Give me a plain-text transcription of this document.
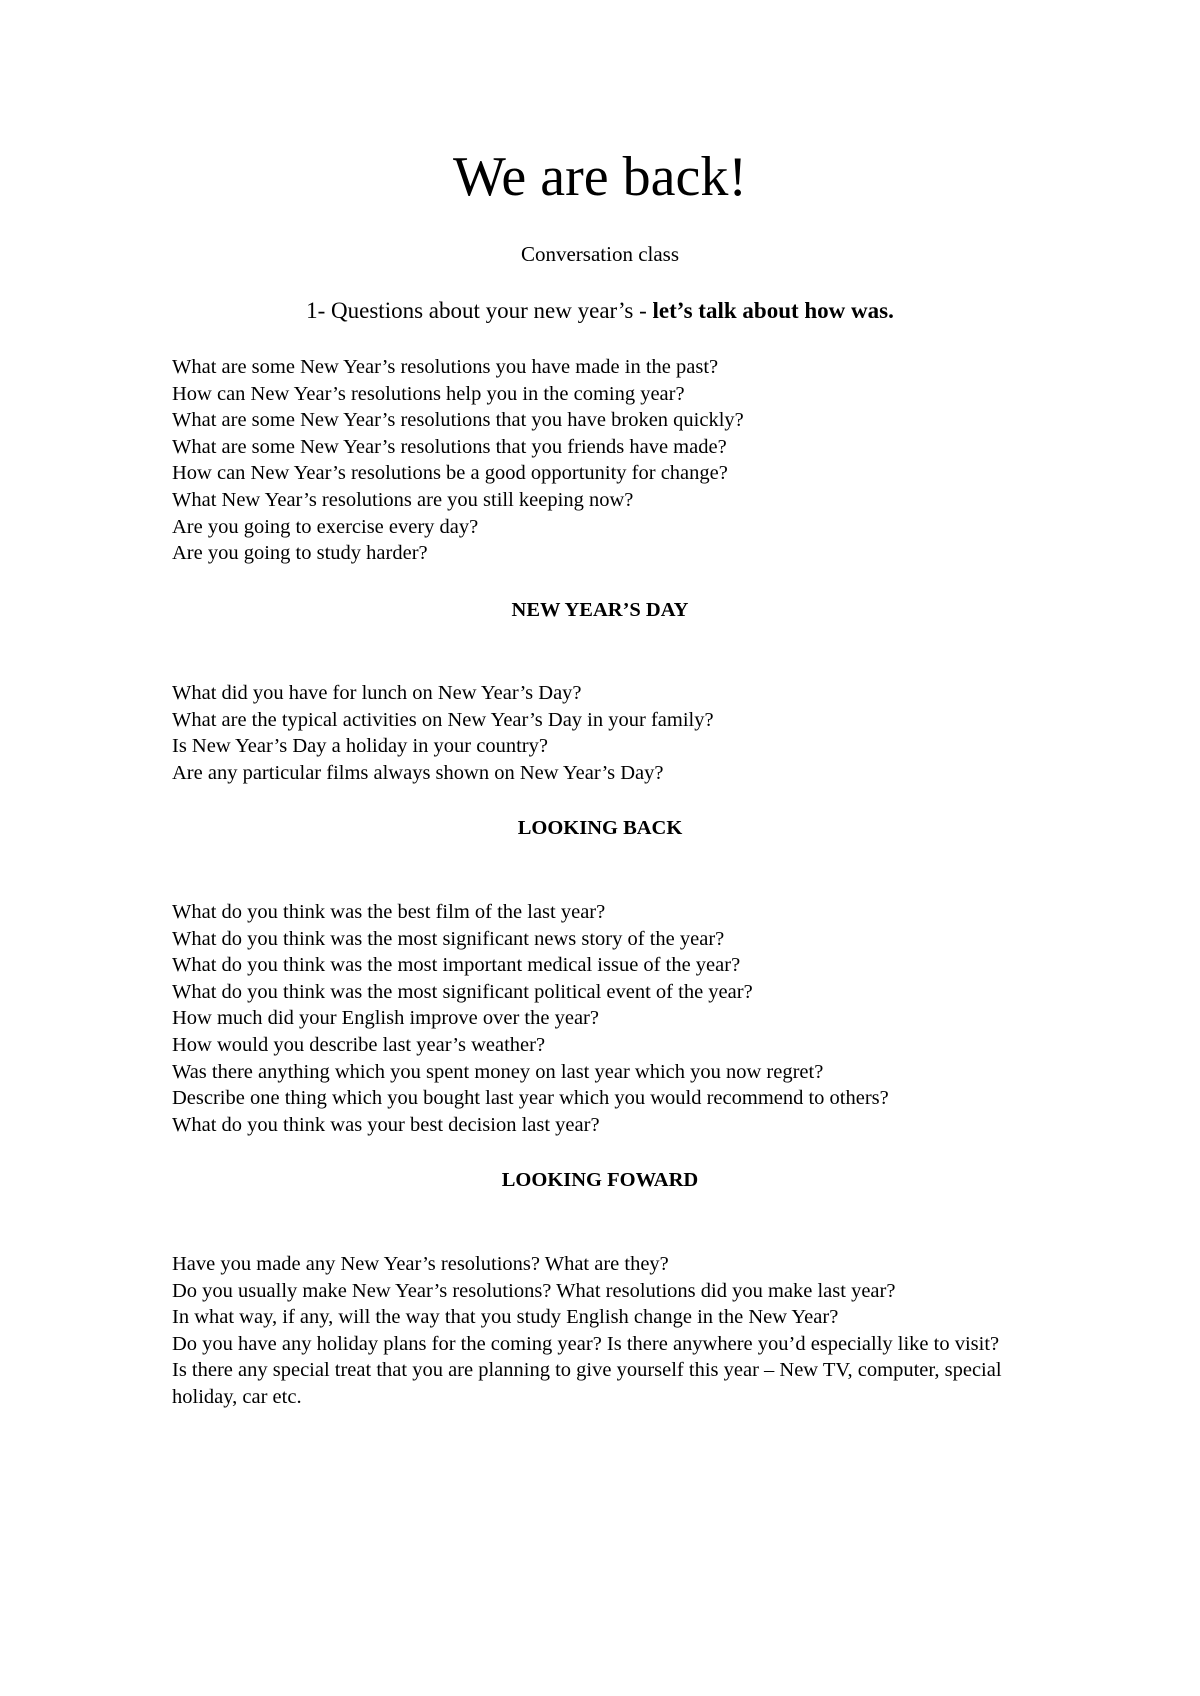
We are back!

Conversation class

1- Questions about your new year’s - let’s talk about how was.
What are some New Year’s resolutions you have made in the past?
How can New Year’s resolutions help you in the coming year?
What are some New Year’s resolutions that you have broken quickly?
What are some New Year’s resolutions that you friends have made?
How can New Year’s resolutions be a good opportunity for change?
What New Year’s resolutions are you still keeping now?
Are you going to exercise every day?
Are you going to study harder?
NEW YEAR’S DAY
What did you have for lunch on New Year’s Day?
What are the typical activities on New Year’s Day in your family?
Is New Year’s Day a holiday in your country?
Are any particular films always shown on New Year’s Day?
LOOKING BACK
What do you think was the best film of the last year?
What do you think was the most significant news story of the year?
What do you think was the most important medical issue of the year?
What do you think was the most significant political event of the year?
How much did your English improve over the year?
How would you describe last year’s weather?
Was there anything which you spent money on last year which you now regret?
Describe one thing which you bought last year which you would recommend to others?
What do you think was your best decision last year?
LOOKING FOWARD
Have you made any New Year’s resolutions? What are they?
Do you usually make New Year’s resolutions? What resolutions did you make last year?
In what way, if any, will the way that you study English change in the New Year?
Do you have any holiday plans for the coming year? Is there anywhere you’d especially like to visit?
Is there any special treat that you are planning to give yourself this year – New TV, computer, special holiday, car etc.
